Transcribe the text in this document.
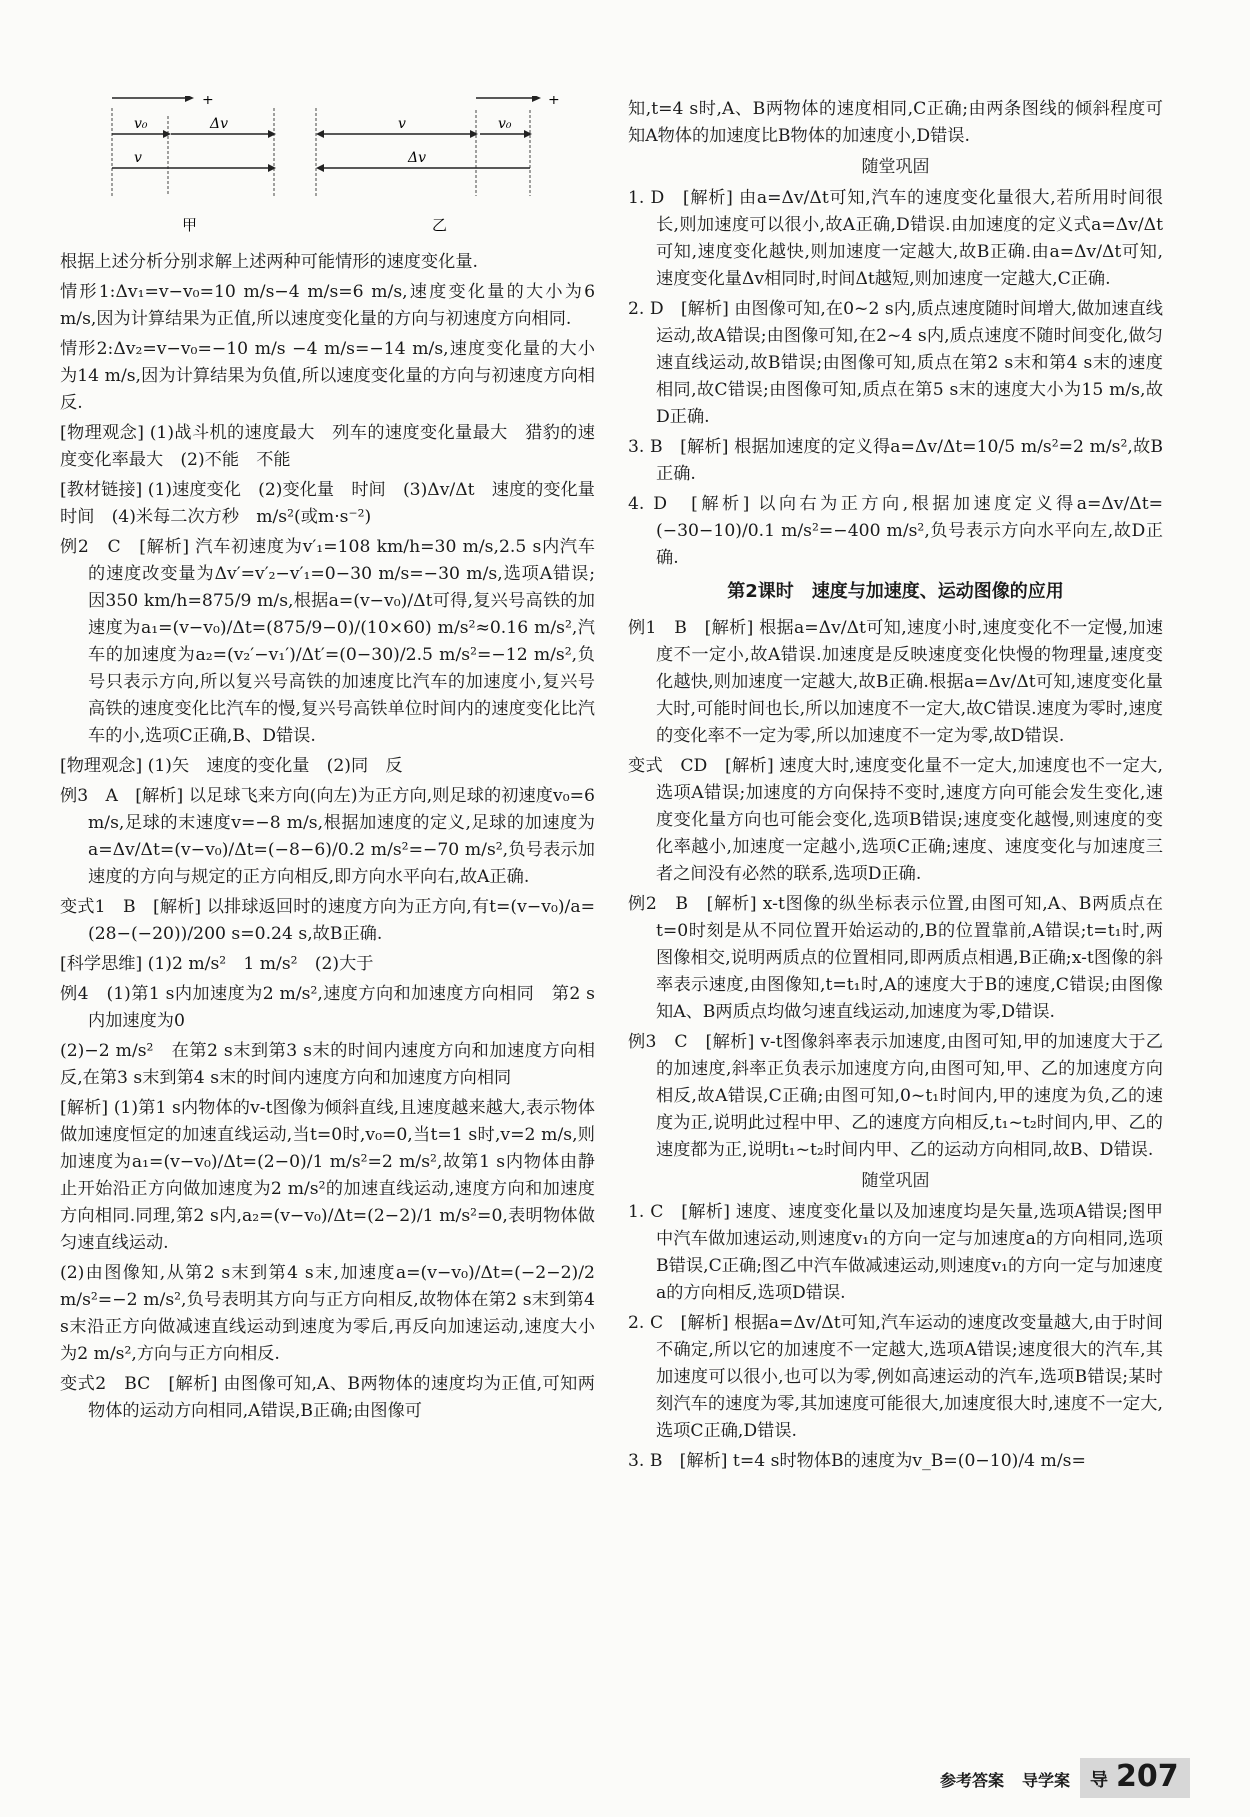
+
v₀	Δv
v
甲
+
v	v₀
Δv
乙

根据上述分析分别求解上述两种可能情形的速度变化量.

情形1:Δv₁=v−v₀=10 m/s−4 m/s=6 m/s,速度变化量的大小为6 m/s,因为计算结果为正值,所以速度变化量的方向与初速度方向相同.

情形2:Δv₂=v−v₀=−10 m/s −4 m/s=−14 m/s,速度变化量的大小为14 m/s,因为计算结果为负值,所以速度变化量的方向与初速度方向相反.

[物理观念] (1)战斗机的速度最大　列车的速度变化量最大　猎豹的速度变化率最大　(2)不能　不能

[教材链接] (1)速度变化　(2)变化量　时间　(3)Δv/Δt　速度的变化量　时间　(4)米每二次方秒　m/s²(或m·s⁻²)

例2　C　[解析] 汽车初速度为v′₁=108 km/h=30 m/s,2.5 s内汽车的速度改变量为Δv′=v′₂−v′₁=0−30 m/s=−30 m/s,选项A错误;因350 km/h=875/9 m/s,根据a=(v−v₀)/Δt可得,复兴号高铁的加速度为a₁=(v−v₀)/Δt=(875/9−0)/(10×60) m/s²≈0.16 m/s²,汽车的加速度为a₂=(v₂′−v₁′)/Δt′=(0−30)/2.5 m/s²=−12 m/s²,负号只表示方向,所以复兴号高铁的加速度比汽车的加速度小,复兴号高铁的速度变化比汽车的慢,复兴号高铁单位时间内的速度变化比汽车的小,选项C正确,B、D错误.

[物理观念] (1)矢　速度的变化量　(2)同　反

例3　A　[解析] 以足球飞来方向(向左)为正方向,则足球的初速度v₀=6 m/s,足球的末速度v=−8 m/s,根据加速度的定义,足球的加速度为a=Δv/Δt=(v−v₀)/Δt=(−8−6)/0.2 m/s²=−70 m/s²,负号表示加速度的方向与规定的正方向相反,即方向水平向右,故A正确.

变式1　B　[解析] 以排球返回时的速度方向为正方向,有t=(v−v₀)/a=(28−(−20))/200 s=0.24 s,故B正确.

[科学思维] (1)2 m/s²　1 m/s²　(2)大于

例4　(1)第1 s内加速度为2 m/s²,速度方向和加速度方向相同　第2 s内加速度为0

(2)−2 m/s²　在第2 s末到第3 s末的时间内速度方向和加速度方向相反,在第3 s末到第4 s末的时间内速度方向和加速度方向相同

[解析] (1)第1 s内物体的v-t图像为倾斜直线,且速度越来越大,表示物体做加速度恒定的加速直线运动,当t=0时,v₀=0,当t=1 s时,v=2 m/s,则加速度为a₁=(v−v₀)/Δt=(2−0)/1 m/s²=2 m/s²,故第1 s内物体由静止开始沿正方向做加速度为2 m/s²的加速直线运动,速度方向和加速度方向相同.同理,第2 s内,a₂=(v−v₀)/Δt=(2−2)/1 m/s²=0,表明物体做匀速直线运动.

(2)由图像知,从第2 s末到第4 s末,加速度a=(v−v₀)/Δt=(−2−2)/2 m/s²=−2 m/s²,负号表明其方向与正方向相反,故物体在第2 s末到第4 s末沿正方向做减速直线运动到速度为零后,再反向加速运动,速度大小为2 m/s²,方向与正方向相反.

变式2　BC　[解析] 由图像可知,A、B两物体的速度均为正值,可知两物体的运动方向相同,A错误,B正确;由图像可

知,t=4 s时,A、B两物体的速度相同,C正确;由两条图线的倾斜程度可知A物体的加速度比B物体的加速度小,D错误.

随堂巩固

1. D　[解析] 由a=Δv/Δt可知,汽车的速度变化量很大,若所用时间很长,则加速度可以很小,故A正确,D错误.由加速度的定义式a=Δv/Δt可知,速度变化越快,则加速度一定越大,故B正确.由a=Δv/Δt可知,速度变化量Δv相同时,时间Δt越短,则加速度一定越大,C正确.

2. D　[解析] 由图像可知,在0~2 s内,质点速度随时间增大,做加速直线运动,故A错误;由图像可知,在2~4 s内,质点速度不随时间变化,做匀速直线运动,故B错误;由图像可知,质点在第2 s末和第4 s末的速度相同,故C错误;由图像可知,质点在第5 s末的速度大小为15 m/s,故D正确.

3. B　[解析] 根据加速度的定义得a=Δv/Δt=10/5 m/s²=2 m/s²,故B正确.

4. D　[解析] 以向右为正方向,根据加速度定义得a=Δv/Δt=(−30−10)/0.1 m/s²=−400 m/s²,负号表示方向水平向左,故D正确.

第2课时　速度与加速度、运动图像的应用

例1　B　[解析] 根据a=Δv/Δt可知,速度小时,速度变化不一定慢,加速度不一定小,故A错误.加速度是反映速度变化快慢的物理量,速度变化越快,则加速度一定越大,故B正确.根据a=Δv/Δt可知,速度变化量大时,可能时间也长,所以加速度不一定大,故C错误.速度为零时,速度的变化率不一定为零,所以加速度不一定为零,故D错误.

变式　CD　[解析] 速度大时,速度变化量不一定大,加速度也不一定大,选项A错误;加速度的方向保持不变时,速度方向可能会发生变化,速度变化量方向也可能会变化,选项B错误;速度变化越慢,则速度的变化率越小,加速度一定越小,选项C正确;速度、速度变化与加速度三者之间没有必然的联系,选项D正确.

例2　B　[解析] x-t图像的纵坐标表示位置,由图可知,A、B两质点在t=0时刻是从不同位置开始运动的,B的位置靠前,A错误;t=t₁时,两图像相交,说明两质点的位置相同,即两质点相遇,B正确;x-t图像的斜率表示速度,由图像知,t=t₁时,A的速度大于B的速度,C错误;由图像知A、B两质点均做匀速直线运动,加速度为零,D错误.

例3　C　[解析] v-t图像斜率表示加速度,由图可知,甲的加速度大于乙的加速度,斜率正负表示加速度方向,由图可知,甲、乙的加速度方向相反,故A错误,C正确;由图可知,0~t₁时间内,甲的速度为负,乙的速度为正,说明此过程中甲、乙的速度方向相反,t₁~t₂时间内,甲、乙的速度都为正,说明t₁~t₂时间内甲、乙的运动方向相同,故B、D错误.

随堂巩固

1. C　[解析] 速度、速度变化量以及加速度均是矢量,选项A错误;图甲中汽车做加速运动,则速度v₁的方向一定与加速度a的方向相同,选项B错误,C正确;图乙中汽车做减速运动,则速度v₁的方向一定与加速度a的方向相反,选项D错误.

2. C　[解析] 根据a=Δv/Δt可知,汽车运动的速度改变量越大,由于时间不确定,所以它的加速度不一定越大,选项A错误;速度很大的汽车,其加速度可以很小,也可以为零,例如高速运动的汽车,选项B错误;某时刻汽车的速度为零,其加速度可能很大,加速度很大时,速度不一定大,选项C正确,D错误.

3. B　[解析] t=4 s时物体B的速度为v_B=(0−10)/4 m/s=

参考答案 导学案 导 207
